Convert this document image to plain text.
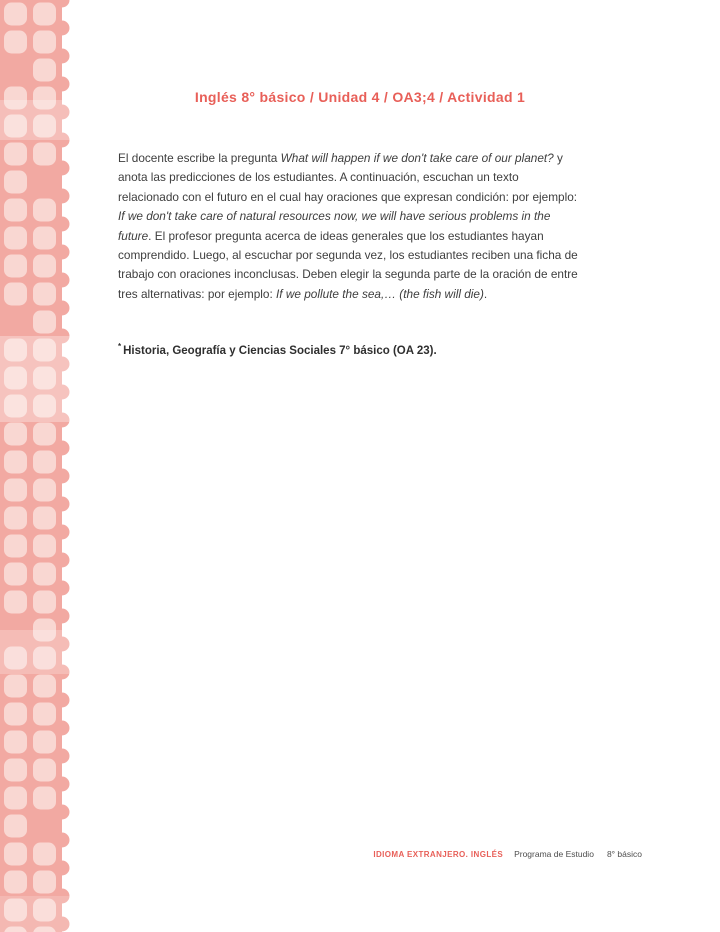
Inglés 8° básico / Unidad 4 / OA3;4 / Actividad 1

El docente escribe la pregunta What will happen if we don't take care of our planet? y anota las predicciones de los estudiantes. A continuación, escuchan un texto relacionado con el futuro en el cual hay oraciones que expresan condición: por ejemplo: If we don't take care of natural resources now, we will have serious problems in the future. El profesor pregunta acerca de ideas generales que los estudiantes hayan comprendido. Luego, al escuchar por segunda vez, los estudiantes reciben una ficha de trabajo con oraciones inconclusas. Deben elegir la segunda parte de la oración de entre tres alternativas: por ejemplo: If we pollute the sea,… (the fish will die).

* Historia, Geografía y Ciencias Sociales 7° básico (OA 23).

IDIOMA EXTRANJERO. INGLÉS Programa de Estudio 8° básico
